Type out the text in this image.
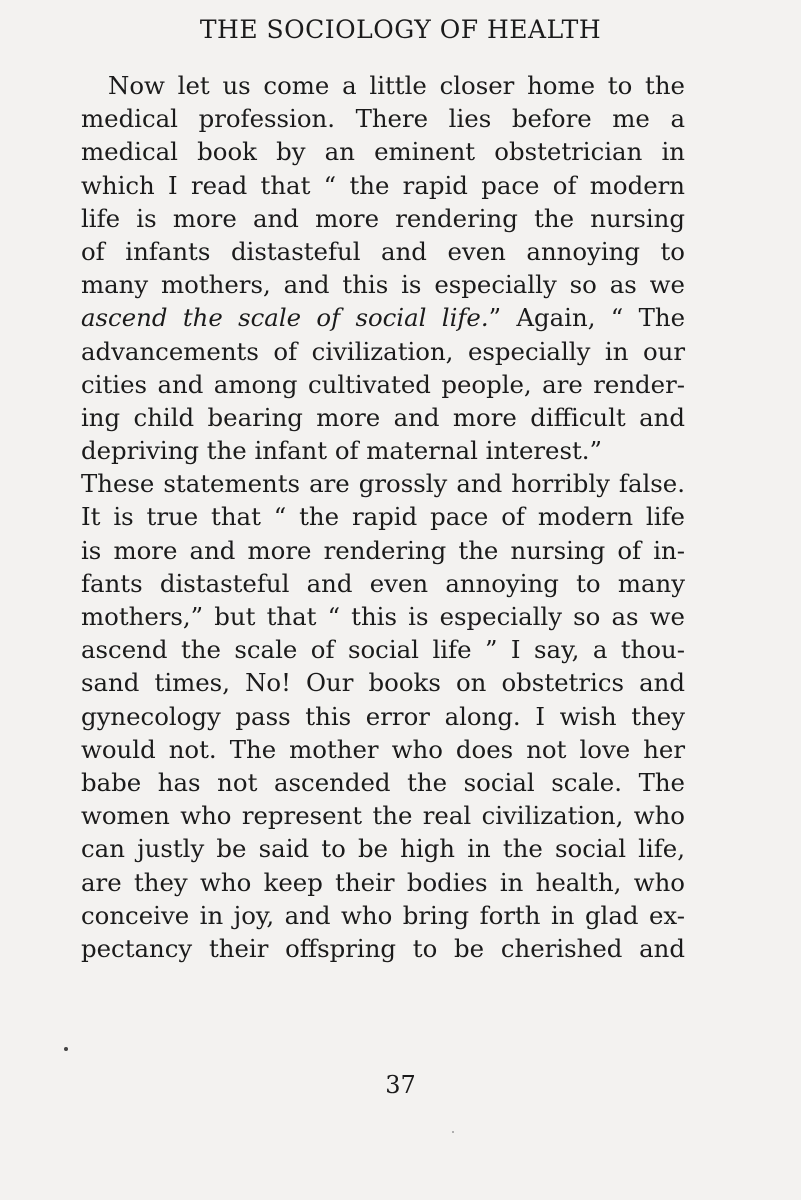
THE SOCIOLOGY OF HEALTH
Now let us come a little closer home to the
medical profession. There lies before me a
medical book by an eminent obstetrician in
which I read that “ the rapid pace of modern
life is more and more rendering the nursing
of infants distasteful and even annoying to
many mothers, and this is especially so as we
ascend the scale of social life.” Again, “ The
advancements of civilization, especially in our
cities and among cultivated people, are render-
ing child bearing more and more difficult and
depriving the infant of maternal interest.”
These statements are grossly and horribly false.
It is true that “ the rapid pace of modern life
is more and more rendering the nursing of in-
fants distasteful and even annoying to many
mothers,” but that “ this is especially so as we
ascend the scale of social life ” I say, a thou-
sand times, No! Our books on obstetrics and
gynecology pass this error along. I wish they
would not. The mother who does not love her
babe has not ascended the social scale. The
women who represent the real civilization, who
can justly be said to be high in the social life,
are they who keep their bodies in health, who
conceive in joy, and who bring forth in glad ex-
pectancy their offspring to be cherished and
37
